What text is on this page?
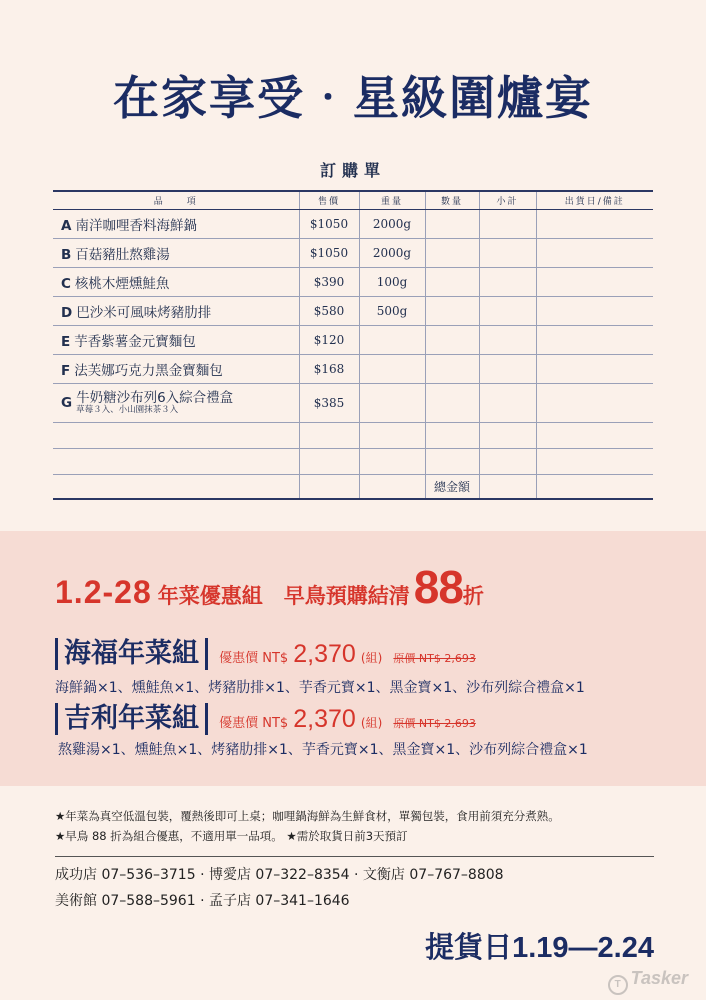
在家享受‧星級圍爐宴
訂購單
品　　項	售價	重量	數量	小計	出貨日/備註
A 南洋咖哩香料海鮮鍋	$1050	2000g			
B 百菇豬肚熬雞湯	$1050	2000g			
C 核桃木煙燻鮭魚	$390	100g			
D 巴沙米可風味烤豬肋排	$580	500g			
E 芋香紫薯金元寶麵包	$120				
F 法芙娜巧克力黑金寶麵包	$168				

G 牛奶糖沙布列6入綜合禮盒
草莓３入、小山園抹茶３入	$385				

			總金額		
1.2-28 年菜優惠組　早鳥預購結清88折
海福年菜組 優惠價 NT$ 2,370 (組) 原價 NT$ 2,693
海鮮鍋×1、燻鮭魚×1、烤豬肋排×1、芋香元寶×1、黑金寶×1、沙布列綜合禮盒×1
吉利年菜組 優惠價 NT$ 2,370 (組) 原價 NT$ 2,693
熬雞湯×1、燻鮭魚×1、烤豬肋排×1、芋香元寶×1、黑金寶×1、沙布列綜合禮盒×1
★年菜為真空低溫包裝，覆熱後即可上桌；咖哩鍋海鮮為生鮮食材，單獨包裝，食用前須充分煮熟。
★早鳥 88 折為組合優惠，不適用單一品項。 ★需於取貨日前3天預訂
成功店 07–536–3715 · 博愛店 07–322–8354 · 文衡店 07–767–8808
美術館 07–588–5961 · 孟子店 07–341–1646
提貨日1.19—2.24
T Tasker
